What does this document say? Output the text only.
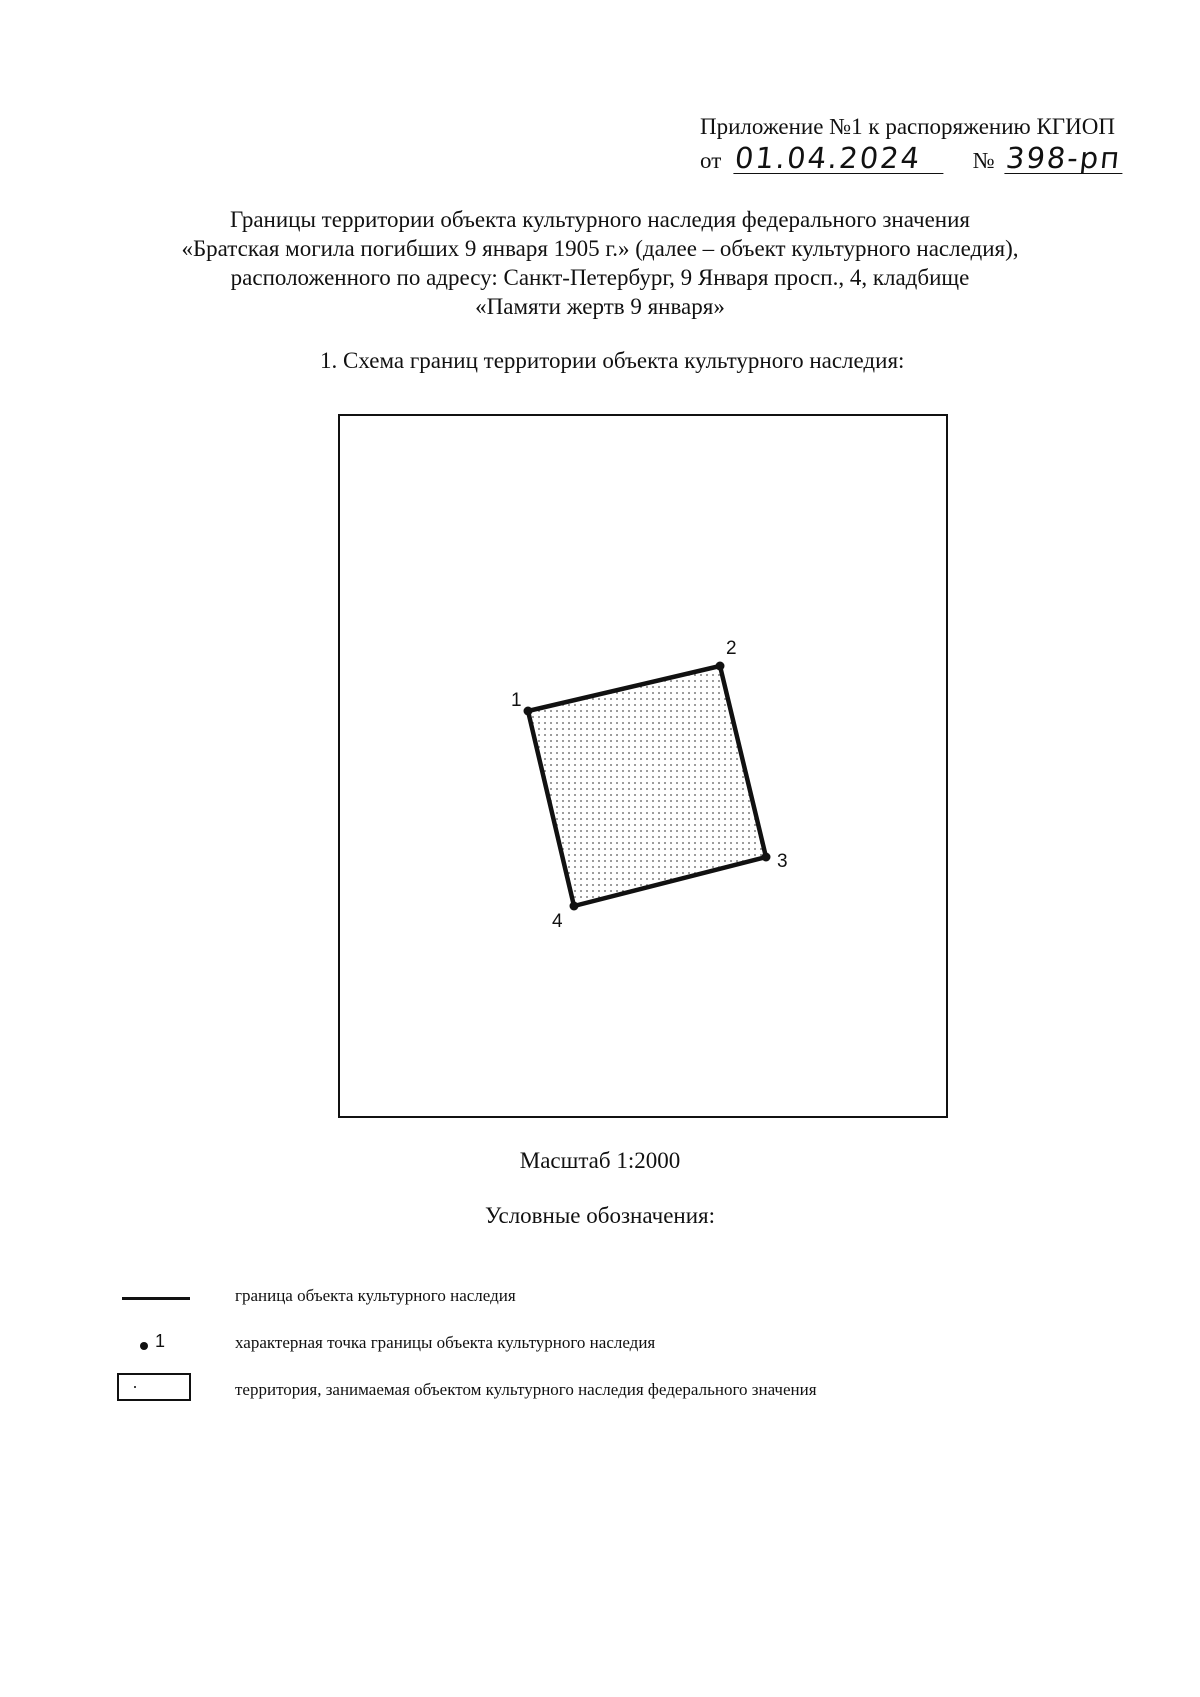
Приложение №1 к распоряжению КГИОП
от 01.04.2024 № 398-рп
Границы территории объекта культурного наследия федерального значения
«Братская могила погибших 9 января 1905 г.» (далее – объект культурного наследия),
расположенного по адресу: Санкт-Петербург, 9 Января просп., 4, кладбище
«Памяти жертв 9 января»
1. Схема границ территории объекта культурного наследия:
1
2
3
4
Масштаб 1:2000
Условные обозначения:
граница объекта культурного наследия
1	характерная точка границы объекта культурного наследия
территория, занимаемая объектом культурного наследия федерального значения
